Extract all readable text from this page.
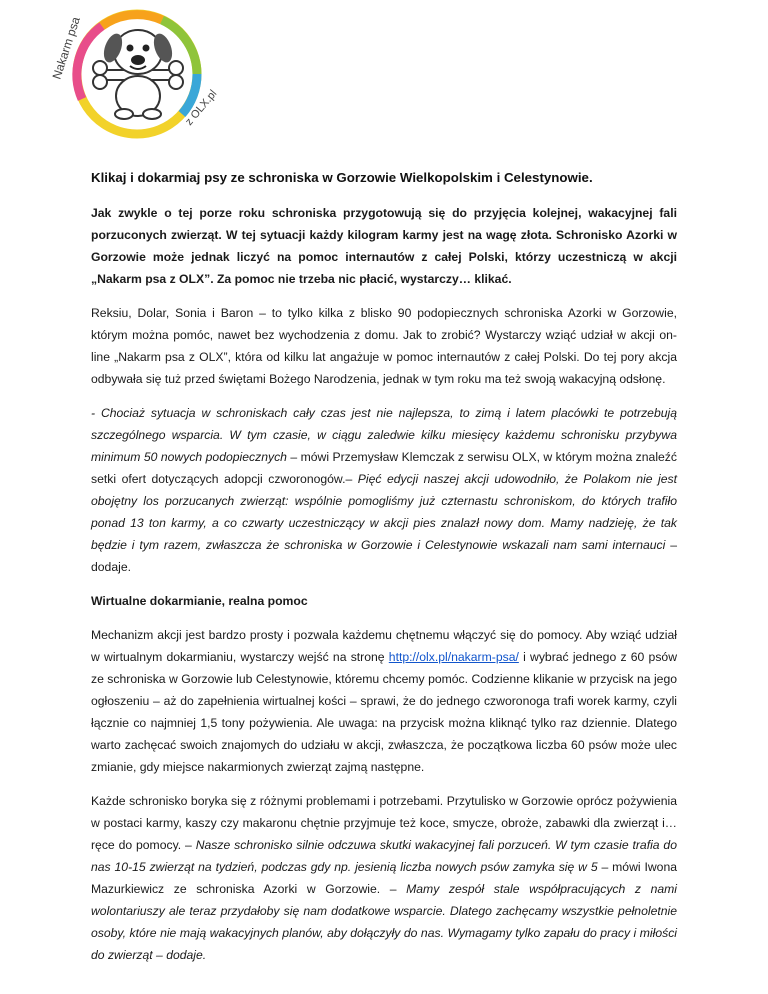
Nakarm psa
z OLX.pl
Klikaj i dokarmiaj psy ze schroniska w Gorzowie Wielkopolskim i Celestynowie.

Jak zwykle o tej porze roku schroniska przygotowują się do przyjęcia kolejnej, wakacyjnej fali porzuconych zwierząt. W tej sytuacji każdy kilogram karmy jest na wagę złota. Schronisko Azorki w Gorzowie może jednak liczyć na pomoc internautów z całej Polski, którzy uczestniczą w akcji „Nakarm psa z OLX”. Za pomoc nie trzeba nic płacić, wystarczy… klikać.

Reksiu, Dolar, Sonia i Baron – to tylko kilka z blisko 90 podopiecznych schroniska Azorki w Gorzowie, którym można pomóc, nawet bez wychodzenia z domu. Jak to zrobić? Wystarczy wziąć udział w akcji on-line „Nakarm psa z OLX”, która od kilku lat angażuje w pomoc internautów z całej Polski. Do tej pory akcja odbywała się tuż przed świętami Bożego Narodzenia, jednak w tym roku ma też swoją wakacyjną odsłonę.

- Chociaż sytuacja w schroniskach cały czas jest nie najlepsza, to zimą i latem placówki te potrzebują szczególnego wsparcia. W tym czasie, w ciągu zaledwie kilku miesięcy każdemu schronisku przybywa minimum 50 nowych podopiecznych – mówi Przemysław Klemczak z serwisu OLX, w którym można znaleźć setki ofert dotyczących adopcji czworonogów.– Pięć edycji naszej akcji udowodniło, że Polakom nie jest obojętny los porzucanych zwierząt: wspólnie pomogliśmy już czternastu schroniskom, do których trafiło ponad 13 ton karmy, a co czwarty uczestniczący w akcji pies znalazł nowy dom. Mamy nadzieję, że tak będzie i tym razem, zwłaszcza że schroniska w Gorzowie i Celestynowie wskazali nam sami internauci – dodaje.

Wirtualne dokarmianie, realna pomoc

Mechanizm akcji jest bardzo prosty i pozwala każdemu chętnemu włączyć się do pomocy. Aby wziąć udział w wirtualnym dokarmianiu, wystarczy wejść na stronę http://olx.pl/nakarm-psa/ i wybrać jednego z 60 psów ze schroniska w Gorzowie lub Celestynowie, któremu chcemy pomóc. Codzienne klikanie w przycisk na jego ogłoszeniu – aż do zapełnienia wirtualnej kości – sprawi, że do jednego czworonoga trafi worek karmy, czyli łącznie co najmniej 1,5 tony pożywienia. Ale uwaga: na przycisk można kliknąć tylko raz dziennie. Dlatego warto zachęcać swoich znajomych do udziału w akcji, zwłaszcza, że początkowa liczba 60 psów może ulec zmianie, gdy miejsce nakarmionych zwierząt zajmą następne.

Każde schronisko boryka się z różnymi problemami i potrzebami. Przytulisko w Gorzowie oprócz pożywienia w postaci karmy, kaszy czy makaronu chętnie przyjmuje też koce, smycze, obroże, zabawki dla zwierząt i… ręce do pomocy. – Nasze schronisko silnie odczuwa skutki wakacyjnej fali porzuceń. W tym czasie trafia do nas 10-15 zwierząt na tydzień, podczas gdy np. jesienią liczba nowych psów zamyka się w 5 – mówi Iwona Mazurkiewicz ze schroniska Azorki w Gorzowie. – Mamy zespół stale współpracujących z nami wolontariuszy ale teraz przydałoby się nam dodatkowe wsparcie. Dlatego zachęcamy wszystkie pełnoletnie osoby, które nie mają wakacyjnych planów, aby dołączyły do nas. Wymagamy tylko zapału do pracy i miłości do zwierząt – dodaje.
